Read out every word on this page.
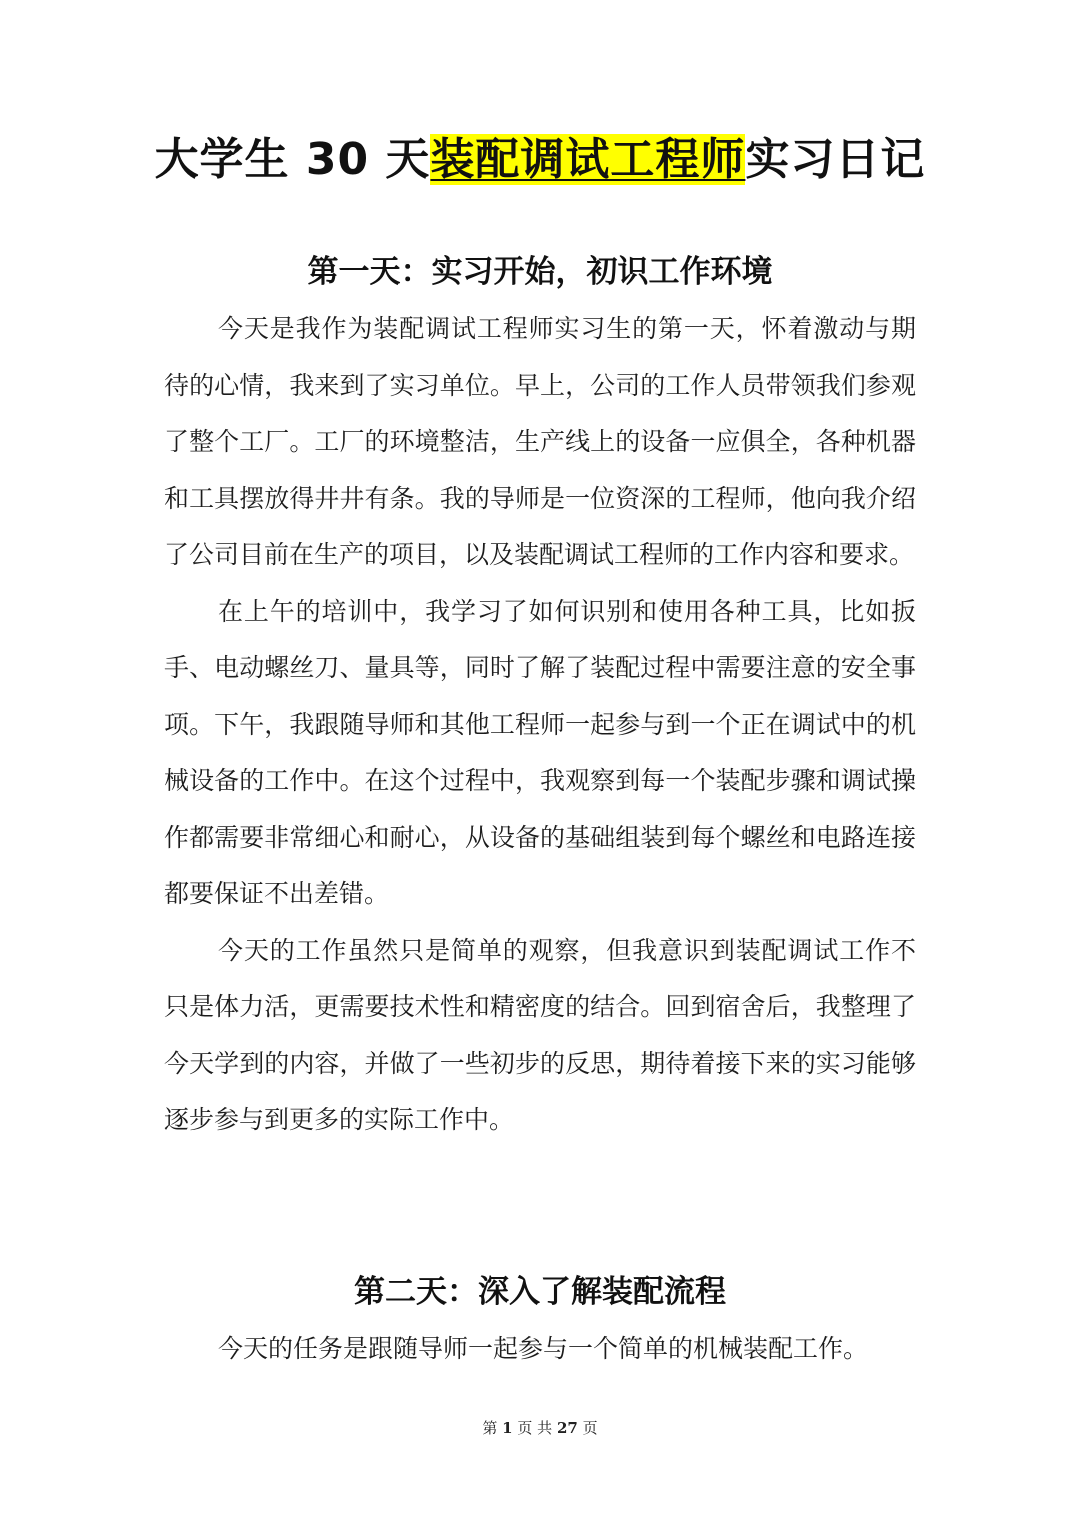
大学生 30 天装配调试工程师实习日记
第一天：实习开始，初识工作环境

今天是我作为装配调试工程师实习生的第一天，怀着激动与期待的心情，我来到了实习单位。早上，公司的工作人员带领我们参观了整个工厂。工厂的环境整洁，生产线上的设备一应俱全，各种机器和工具摆放得井井有条。我的导师是一位资深的工程师，他向我介绍了公司目前在生产的项目，以及装配调试工程师的工作内容和要求。

在上午的培训中，我学习了如何识别和使用各种工具，比如扳手、电动螺丝刀、量具等，同时了解了装配过程中需要注意的安全事项。下午，我跟随导师和其他工程师一起参与到一个正在调试中的机械设备的工作中。在这个过程中，我观察到每一个装配步骤和调试操作都需要非常细心和耐心，从设备的基础组装到每个螺丝和电路连接都要保证不出差错。

今天的工作虽然只是简单的观察，但我意识到装配调试工作不只是体力活，更需要技术性和精密度的结合。回到宿舍后，我整理了今天学到的内容，并做了一些初步的反思，期待着接下来的实习能够逐步参与到更多的实际工作中。

第二天：深入了解装配流程

今天的任务是跟随导师一起参与一个简单的机械装配工作。

第 1 页 共 27 页
